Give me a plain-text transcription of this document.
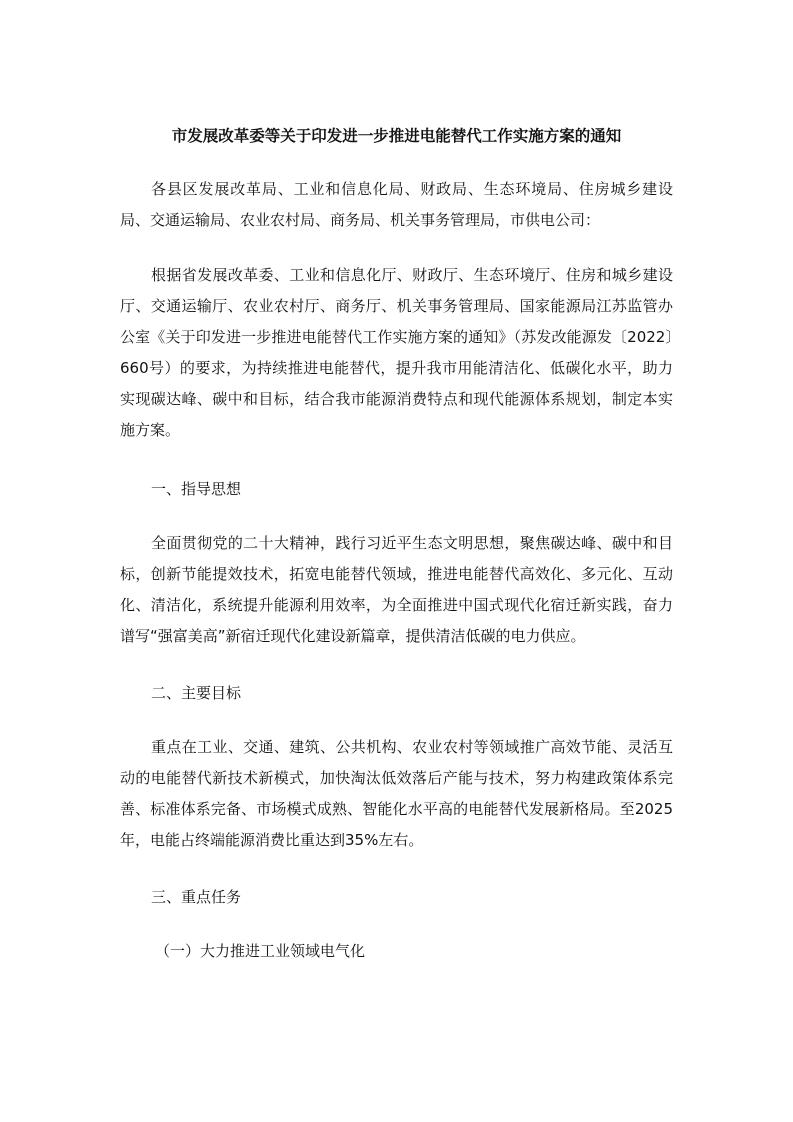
市发展改革委等关于印发进一步推进电能替代工作实施方案的通知

各县区发展改革局、工业和信息化局、财政局、生态环境局、住房城乡建设局、交通运输局、农业农村局、商务局、机关事务管理局，市供电公司：

根据省发展改革委、工业和信息化厅、财政厅、生态环境厅、住房和城乡建设厅、交通运输厅、农业农村厅、商务厅、机关事务管理局、国家能源局江苏监管办公室《关于印发进一步推进电能替代工作实施方案的通知》（苏发改能源发〔2022〕660号）的要求，为持续推进电能替代，提升我市用能清洁化、低碳化水平，助力实现碳达峰、碳中和目标，结合我市能源消费特点和现代能源体系规划，制定本实施方案。

一、指导思想

全面贯彻党的二十大精神，践行习近平生态文明思想，聚焦碳达峰、碳中和目标，创新节能提效技术，拓宽电能替代领域，推进电能替代高效化、多元化、互动化、清洁化，系统提升能源利用效率，为全面推进中国式现代化宿迁新实践，奋力谱写“强富美高”新宿迁现代化建设新篇章，提供清洁低碳的电力供应。

二、主要目标

重点在工业、交通、建筑、公共机构、农业农村等领域推广高效节能、灵活互动的电能替代新技术新模式，加快淘汰低效落后产能与技术，努力构建政策体系完善、标准体系完备、市场模式成熟、智能化水平高的电能替代发展新格局。至2025年，电能占终端能源消费比重达到35%左右。

三、重点任务

（一）大力推进工业领域电气化
